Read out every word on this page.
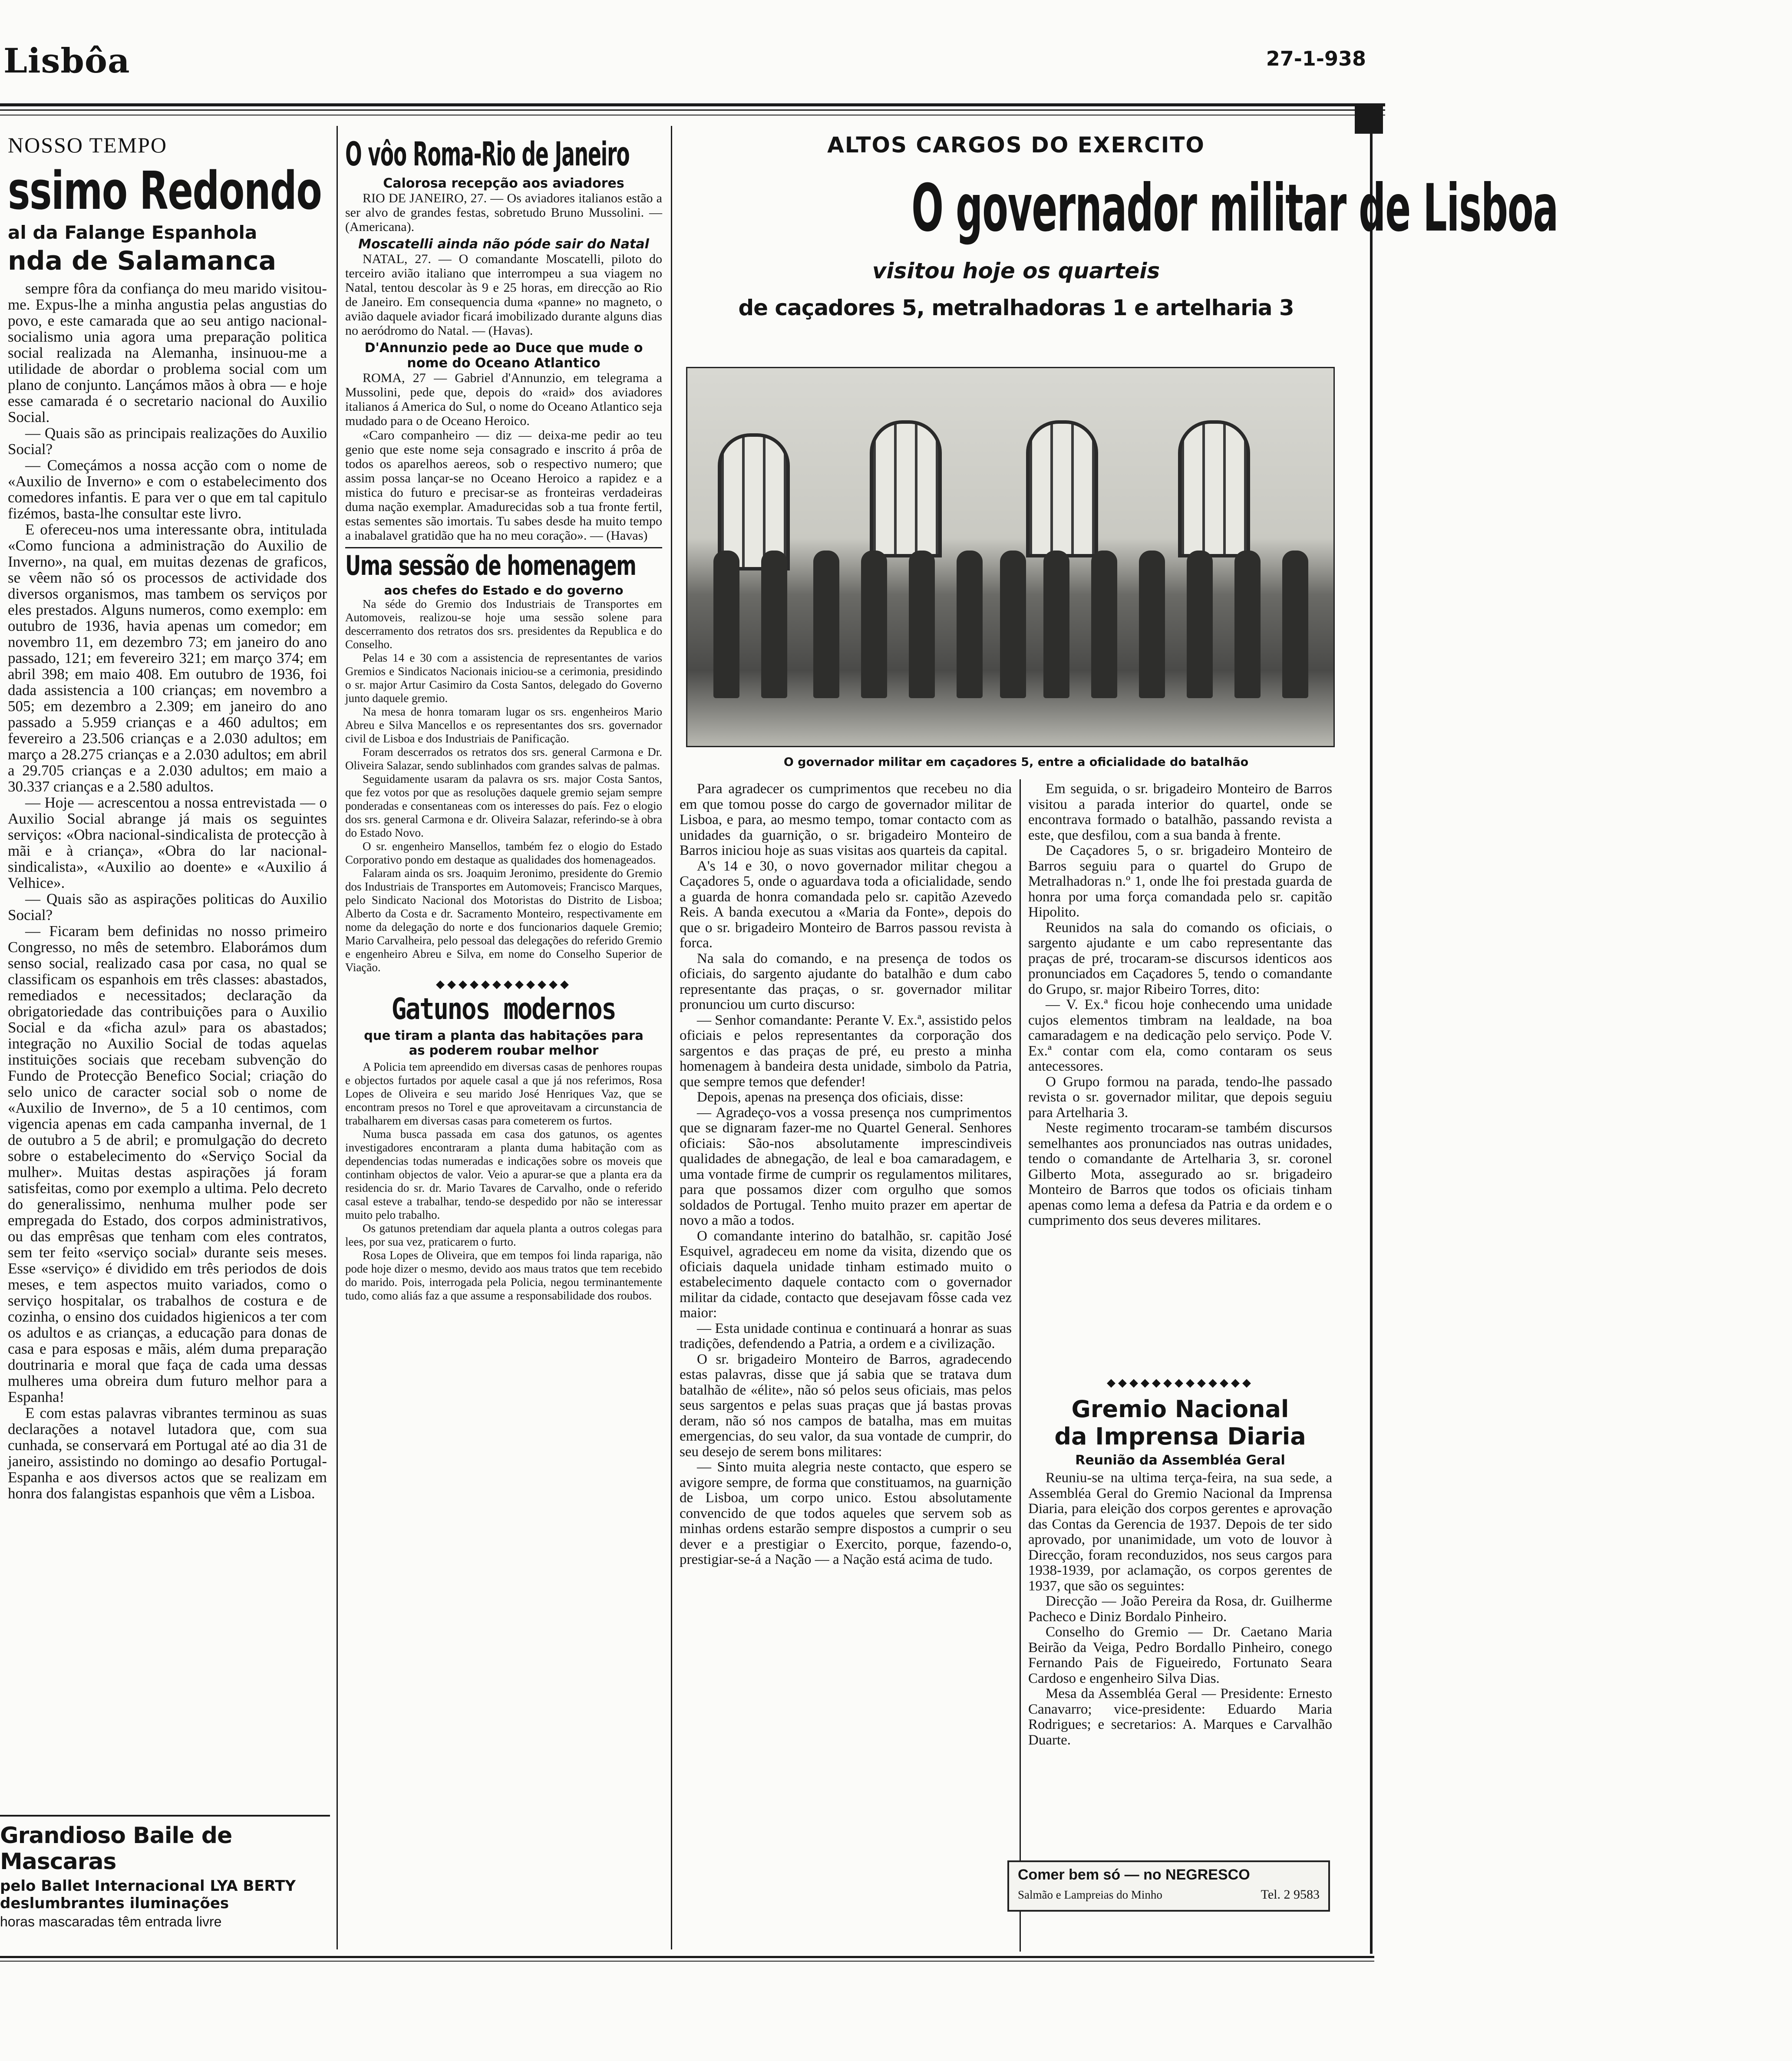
Lisbôa	27-1-938
NOSSO TEMPO
ssimo Redondo
al da Falange Espanhola
nda de Salamanca

sempre fôra da confiança do meu marido visitou-me. Expus-lhe a minha angustia pelas angustias do povo, e este camarada que ao seu antigo nacional-socialismo unia agora uma preparação politica social realizada na Alemanha, insinuou-me a utilidade de abordar o problema social com um plano de conjunto. Lançámos mãos à obra — e hoje esse camarada é o secretario nacional do Auxilio Social.

— Quais são as principais realizações do Auxilio Social?

— Começámos a nossa acção com o nome de «Auxilio de Inverno» e com o estabelecimento dos comedores infantis. E para ver o que em tal capitulo fizémos, basta-lhe consultar este livro.

E ofereceu-nos uma interessante obra, intitulada «Como funciona a administração do Auxilio de Inverno», na qual, em muitas dezenas de graficos, se vêem não só os processos de actividade dos diversos organismos, mas tambem os serviços por eles prestados. Alguns numeros, como exemplo: em outubro de 1936, havia apenas um comedor; em novembro 11, em dezembro 73; em janeiro do ano passado, 121; em fevereiro 321; em março 374; em abril 398; em maio 408. Em outubro de 1936, foi dada assistencia a 100 crianças; em novembro a 505; em dezembro a 2.309; em janeiro do ano passado a 5.959 crianças e a 460 adultos; em fevereiro a 23.506 crianças e a 2.030 adultos; em março a 28.275 crianças e a 2.030 adultos; em abril a 29.705 crianças e a 2.030 adultos; em maio a 30.337 crianças e a 2.580 adultos.

— Hoje — acrescentou a nossa entrevistada — o Auxilio Social abrange já mais os seguintes serviços: «Obra nacional-sindicalista de protecção à mãi e à criança», «Obra do lar nacional-sindicalista», «Auxilio ao doente» e «Auxilio á Velhice».

— Quais são as aspirações politicas do Auxilio Social?

— Ficaram bem definidas no nosso primeiro Congresso, no mês de setembro. Elaborámos dum senso social, realizado casa por casa, no qual se classificam os espanhois em três classes: abastados, remediados e necessitados; declaração da obrigatoriedade das contribuições para o Auxilio Social e da «ficha azul» para os abastados; integração no Auxilio Social de todas aquelas instituições sociais que recebam subvenção do Fundo de Protecção Benefico Social; criação do selo unico de caracter social sob o nome de «Auxilio de Inverno», de 5 a 10 centimos, com vigencia apenas em cada campanha invernal, de 1 de outubro a 5 de abril; e promulgação do decreto sobre o estabelecimento do «Serviço Social da mulher». Muitas destas aspirações já foram satisfeitas, como por exemplo a ultima. Pelo decreto do generalissimo, nenhuma mulher pode ser empregada do Estado, dos corpos administrativos, ou das emprêsas que tenham com eles contratos, sem ter feito «serviço social» durante seis meses. Esse «serviço» é dividido em três periodos de dois meses, e tem aspectos muito variados, como o serviço hospitalar, os trabalhos de costura e de cozinha, o ensino dos cuidados higienicos a ter com os adultos e as crianças, a educação para donas de casa e para esposas e mãis, além duma preparação doutrinaria e moral que faça de cada uma dessas mulheres uma obreira dum futuro melhor para a Espanha!

E com estas palavras vibrantes terminou as suas declarações a notavel lutadora que, com sua cunhada, se conservará em Portugal até ao dia 31 de janeiro, assistindo no domingo ao desafio Portugal-Espanha e aos diversos actos que se realizam em honra dos falangistas espanhois que vêm a Lisboa.

Grandioso Baile de Mascaras
pelo Ballet Internacional LYA BERTY
deslumbrantes iluminações
horas mascaradas têm entrada livre
O vôo Roma-Rio de Janeiro
Calorosa recepção aos aviadores

RIO DE JANEIRO, 27. — Os aviadores italianos estão a ser alvo de grandes festas, sobretudo Bruno Mussolini. — (Americana).

Moscatelli ainda não póde sair do Natal

NATAL, 27. — O comandante Moscatelli, piloto do terceiro avião italiano que interrompeu a sua viagem no Natal, tentou descolar às 9 e 25 horas, em direcção ao Rio de Janeiro. Em consequencia duma «panne» no magneto, o avião daquele aviador ficará imobilizado durante alguns dias no aeródromo do Natal. — (Havas).

D'Annunzio pede ao Duce que mude o nome do Oceano Atlantico

ROMA, 27 — Gabriel d'Annunzio, em telegrama a Mussolini, pede que, depois do «raid» dos aviadores italianos á America do Sul, o nome do Oceano Atlantico seja mudado para o de Oceano Heroico.

«Caro companheiro — diz — deixa-me pedir ao teu genio que este nome seja consagrado e inscrito á prôa de todos os aparelhos aereos, sob o respectivo numero; que assim possa lançar-se no Oceano Heroico a rapidez e a mistica do futuro e precisar-se as fronteiras verdadeiras duma nação exemplar. Amadurecidas sob a tua fronte fertil, estas sementes são imortais. Tu sabes desde ha muito tempo a inabalavel gratidão que ha no meu coração». — (Havas)

Uma sessão de homenagem
aos chefes do Estado e do governo

Na séde do Gremio dos Industriais de Transportes em Automoveis, realizou-se hoje uma sessão solene para descerramento dos retratos dos srs. presidentes da Republica e do Conselho.

Pelas 14 e 30 com a assistencia de representantes de varios Gremios e Sindicatos Nacionais iniciou-se a cerimonia, presidindo o sr. major Artur Casimiro da Costa Santos, delegado do Governo junto daquele gremio.

Na mesa de honra tomaram lugar os srs. engenheiros Mario Abreu e Silva Mancellos e os representantes dos srs. governador civil de Lisboa e dos Industriais de Panificação.

Foram descerrados os retratos dos srs. general Carmona e Dr. Oliveira Salazar, sendo sublinhados com grandes salvas de palmas.

Seguidamente usaram da palavra os srs. major Costa Santos, que fez votos por que as resoluções daquele gremio sejam sempre ponderadas e consentaneas com os interesses do país. Fez o elogio dos srs. general Carmona e dr. Oliveira Salazar, referindo-se à obra do Estado Novo.

O sr. engenheiro Mansellos, também fez o elogio do Estado Corporativo pondo em destaque as qualidades dos homenageados.

Falaram ainda os srs. Joaquim Jeronimo, presidente do Gremio dos Industriais de Transportes em Automoveis; Francisco Marques, pelo Sindicato Nacional dos Motoristas do Distrito de Lisboa; Alberto da Costa e dr. Sacramento Monteiro, respectivamente em nome da delegação do norte e dos funcionarios daquele Gremio; Mario Carvalheira, pelo pessoal das delegações do referido Gremio e engenheiro Abreu e Silva, em nome do Conselho Superior de Viação.

◆◆◆◆◆◆◆◆◆◆◆◆
Gatunos modernos
que tiram a planta das habitações para as poderem roubar melhor

A Policia tem apreendido em diversas casas de penhores roupas e objectos furtados por aquele casal a que já nos referimos, Rosa Lopes de Oliveira e seu marido José Henriques Vaz, que se encontram presos no Torel e que aproveitavam a circunstancia de trabalharem em diversas casas para cometerem os furtos.

Numa busca passada em casa dos gatunos, os agentes investigadores encontraram a planta duma habitação com as dependencias todas numeradas e indicações sobre os moveis que continham objectos de valor. Veio a apurar-se que a planta era da residencia do sr. dr. Mario Tavares de Carvalho, onde o referido casal esteve a trabalhar, tendo-se despedido por não se interessar muito pelo trabalho.

Os gatunos pretendiam dar aquela planta a outros colegas para lees, por sua vez, praticarem o furto.

Rosa Lopes de Oliveira, que em tempos foi linda rapariga, não pode hoje dizer o mesmo, devido aos maus tratos que tem recebido do marido. Pois, interrogada pela Policia, negou terminantemente tudo, como aliás faz a que assume a responsabilidade dos roubos.

ALTOS CARGOS DO EXERCITO
O governador militar de Lisboa
visitou hoje os quarteis
de caçadores 5, metralhadoras 1 e artelharia 3
O governador militar em caçadores 5, entre a oficialidade do batalhão

Para agradecer os cumprimentos que recebeu no dia em que tomou posse do cargo de governador militar de Lisboa, e para, ao mesmo tempo, tomar contacto com as unidades da guarnição, o sr. brigadeiro Monteiro de Barros iniciou hoje as suas visitas aos quarteis da capital.

A's 14 e 30, o novo governador militar chegou a Caçadores 5, onde o aguardava toda a oficialidade, sendo a guarda de honra comandada pelo sr. capitão Azevedo Reis. A banda executou a «Maria da Fonte», depois do que o sr. brigadeiro Monteiro de Barros passou revista à forca.

Na sala do comando, e na presença de todos os oficiais, do sargento ajudante do batalhão e dum cabo representante das praças, o sr. governador militar pronunciou um curto discurso:

— Senhor comandante: Perante V. Ex.ª, assistido pelos oficiais e pelos representantes da corporação dos sargentos e das praças de pré, eu presto a minha homenagem à bandeira desta unidade, simbolo da Patria, que sempre temos que defender!

Depois, apenas na presença dos oficiais, disse:

— Agradeço-vos a vossa presença nos cumprimentos que se dignaram fazer-me no Quartel General. Senhores oficiais: São-nos absolutamente imprescindiveis qualidades de abnegação, de leal e boa camaradagem, e uma vontade firme de cumprir os regulamentos militares, para que possamos dizer com orgulho que somos soldados de Portugal. Tenho muito prazer em apertar de novo a mão a todos.

O comandante interino do batalhão, sr. capitão José Esquivel, agradeceu em nome da visita, dizendo que os oficiais daquela unidade tinham estimado muito o estabelecimento daquele contacto com o governador militar da cidade, contacto que desejavam fôsse cada vez maior:

— Esta unidade continua e continuará a honrar as suas tradições, defendendo a Patria, a ordem e a civilização.

O sr. brigadeiro Monteiro de Barros, agradecendo estas palavras, disse que já sabia que se tratava dum batalhão de «élite», não só pelos seus oficiais, mas pelos seus sargentos e pelas suas praças que já bastas provas deram, não só nos campos de batalha, mas em muitas emergencias, do seu valor, da sua vontade de cumprir, do seu desejo de serem bons militares:

— Sinto muita alegria neste contacto, que espero se avigore sempre, de forma que constituamos, na guarnição de Lisboa, um corpo unico. Estou absolutamente convencido de que todos aqueles que servem sob as minhas ordens estarão sempre dispostos a cumprir o seu dever e a prestigiar o Exercito, porque, fazendo-o, prestigiar-se-á a Nação — a Nação está acima de tudo.

Em seguida, o sr. brigadeiro Monteiro de Barros visitou a parada interior do quartel, onde se encontrava formado o batalhão, passando revista a este, que desfilou, com a sua banda à frente.

De Caçadores 5, o sr. brigadeiro Monteiro de Barros seguiu para o quartel do Grupo de Metralhadoras n.º 1, onde lhe foi prestada guarda de honra por uma força comandada pelo sr. capitão Hipolito.

Reunidos na sala do comando os oficiais, o sargento ajudante e um cabo representante das praças de pré, trocaram-se discursos identicos aos pronunciados em Caçadores 5, tendo o comandante do Grupo, sr. major Ribeiro Torres, dito:

— V. Ex.ª ficou hoje conhecendo uma unidade cujos elementos timbram na lealdade, na boa camaradagem e na dedicação pelo serviço. Pode V. Ex.ª contar com ela, como contaram os seus antecessores.

O Grupo formou na parada, tendo-lhe passado revista o sr. governador militar, que depois seguiu para Artelharia 3.

Neste regimento trocaram-se também discursos semelhantes aos pronunciados nas outras unidades, tendo o comandante de Artelharia 3, sr. coronel Gilberto Mota, assegurado ao sr. brigadeiro Monteiro de Barros que todos os oficiais tinham apenas como lema a defesa da Patria e da ordem e o cumprimento dos seus deveres militares.

◆◆◆◆◆◆◆◆◆◆◆◆◆
Gremio Nacional
da Imprensa Diaria
Reunião da Assembléa Geral

Reuniu-se na ultima terça-feira, na sua sede, a Assembléa Geral do Gremio Nacional da Imprensa Diaria, para eleição dos corpos gerentes e aprovação das Contas da Gerencia de 1937. Depois de ter sido aprovado, por unanimidade, um voto de louvor à Direcção, foram reconduzidos, nos seus cargos para 1938-1939, por aclamação, os corpos gerentes de 1937, que são os seguintes:

Direcção — João Pereira da Rosa, dr. Guilherme Pacheco e Diniz Bordalo Pinheiro.

Conselho do Gremio — Dr. Caetano Maria Beirão da Veiga, Pedro Bordallo Pinheiro, conego Fernando Pais de Figueiredo, Fortunato Seara Cardoso e engenheiro Silva Dias.

Mesa da Assembléa Geral — Presidente: Ernesto Canavarro; vice-presidente: Eduardo Maria Rodrigues; e secretarios: A. Marques e Carvalhão Duarte.

Comer bem só — no NEGRESCO
Salmão e Lampreias do Minho	Tel. 2 9583
